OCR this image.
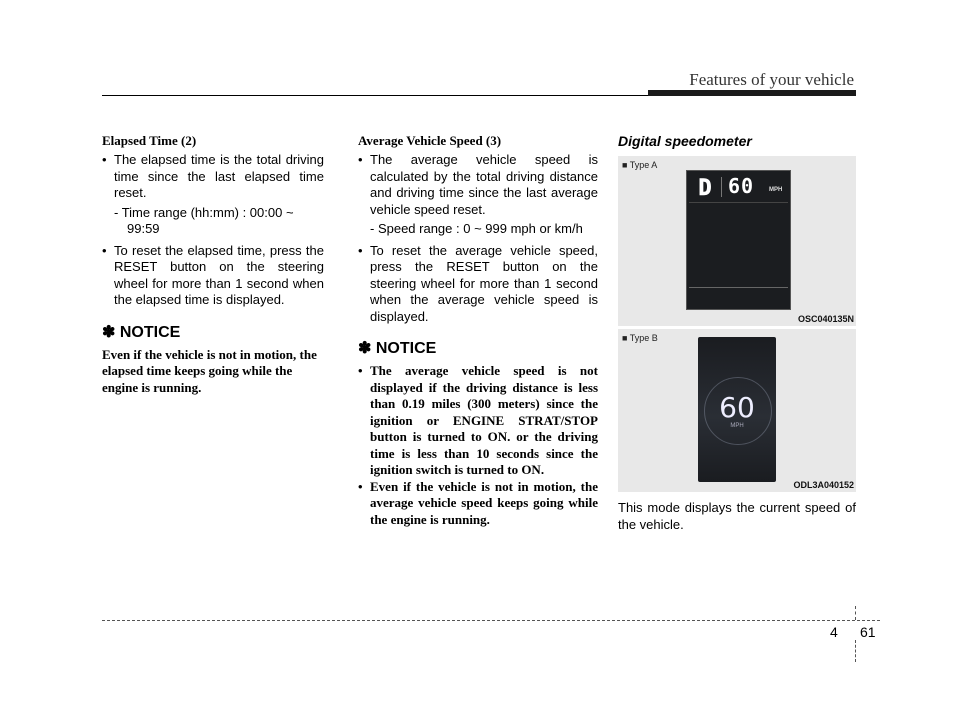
Features of your vehicle

Elapsed Time (2)

• The elapsed time is the total driving time since the last elapsed time reset.

- Time range (hh:mm) : 00:00 ~ 99:59

• To reset the elapsed time, press the RESET button on the steering wheel for more than 1 second when the elapsed time is displayed.

✽ NOTICE

Even if the vehicle is not in motion, the elapsed time keeps going while the engine is running.

Average Vehicle Speed (3)

• The average vehicle speed is calculated by the total driving distance and driving time since the last average vehicle speed reset.

- Speed range : 0 ~ 999 mph or km/h

• To reset the average vehicle speed, press the RESET button on the steering wheel for more than 1 second when the average vehicle speed is displayed.

✽ NOTICE

• The average vehicle speed is not displayed if the driving distance is less than 0.19 miles (300 meters) since the ignition or ENGINE STRAT/STOP button is turned to ON. or the driving time is less than 10 seconds since the ignition switch is turned to ON.

• Even if the vehicle is not in motion, the average vehicle speed keeps going while the engine is running.

Digital speedometer

■ Type A
D 60 MPH
OSC040135N
■ Type B
60
MPH
ODL3A040152

This mode displays the current speed of the vehicle.

4 61
